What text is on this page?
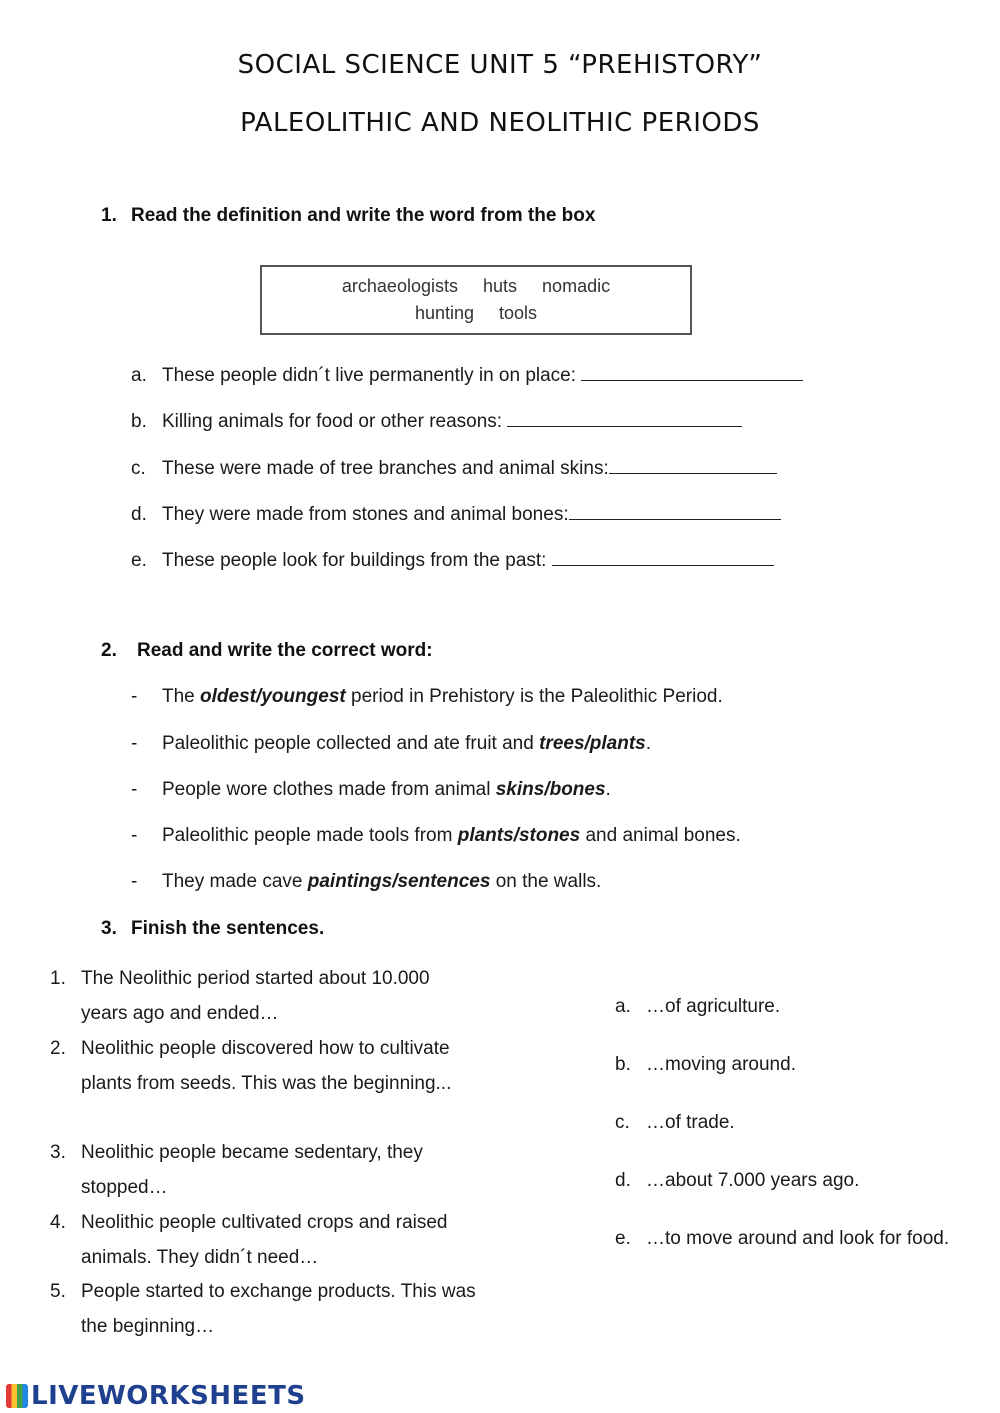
SOCIAL SCIENCE UNIT 5 “PREHISTORY”
PALEOLITHIC AND NEOLITHIC PERIODS
1. Read the definition and write the word from the box
archaeologists huts nomadic
hunting tools
a. These people didn´t live permanently in on place:
b. Killing animals for food or other reasons:
c. These were made of tree branches and animal skins:
d. They were made from stones and animal bones:
e. These people look for buildings from the past:
2. Read and write the correct word:
- The oldest/youngest period in Prehistory is the Paleolithic Period.
- Paleolithic people collected and ate fruit and trees/plants.
- People wore clothes made from animal skins/bones.
- Paleolithic people made tools from plants/stones and animal bones.
- They made cave paintings/sentences on the walls.
3. Finish the sentences.
1. The Neolithic period started about 10.000 years ago and ended…
2. Neolithic people discovered how to cultivate plants from seeds. This was the beginning...
3. Neolithic people became sedentary, they stopped…
4. Neolithic people cultivated crops and raised animals. They didn´t need…
5. People started to exchange products. This was the beginning…
a. …of agriculture.
b. …moving around.
c. …of trade.
d. …about 7.000 years ago.
e. …to move around and look for food.
LIVEWORKSHEETS
